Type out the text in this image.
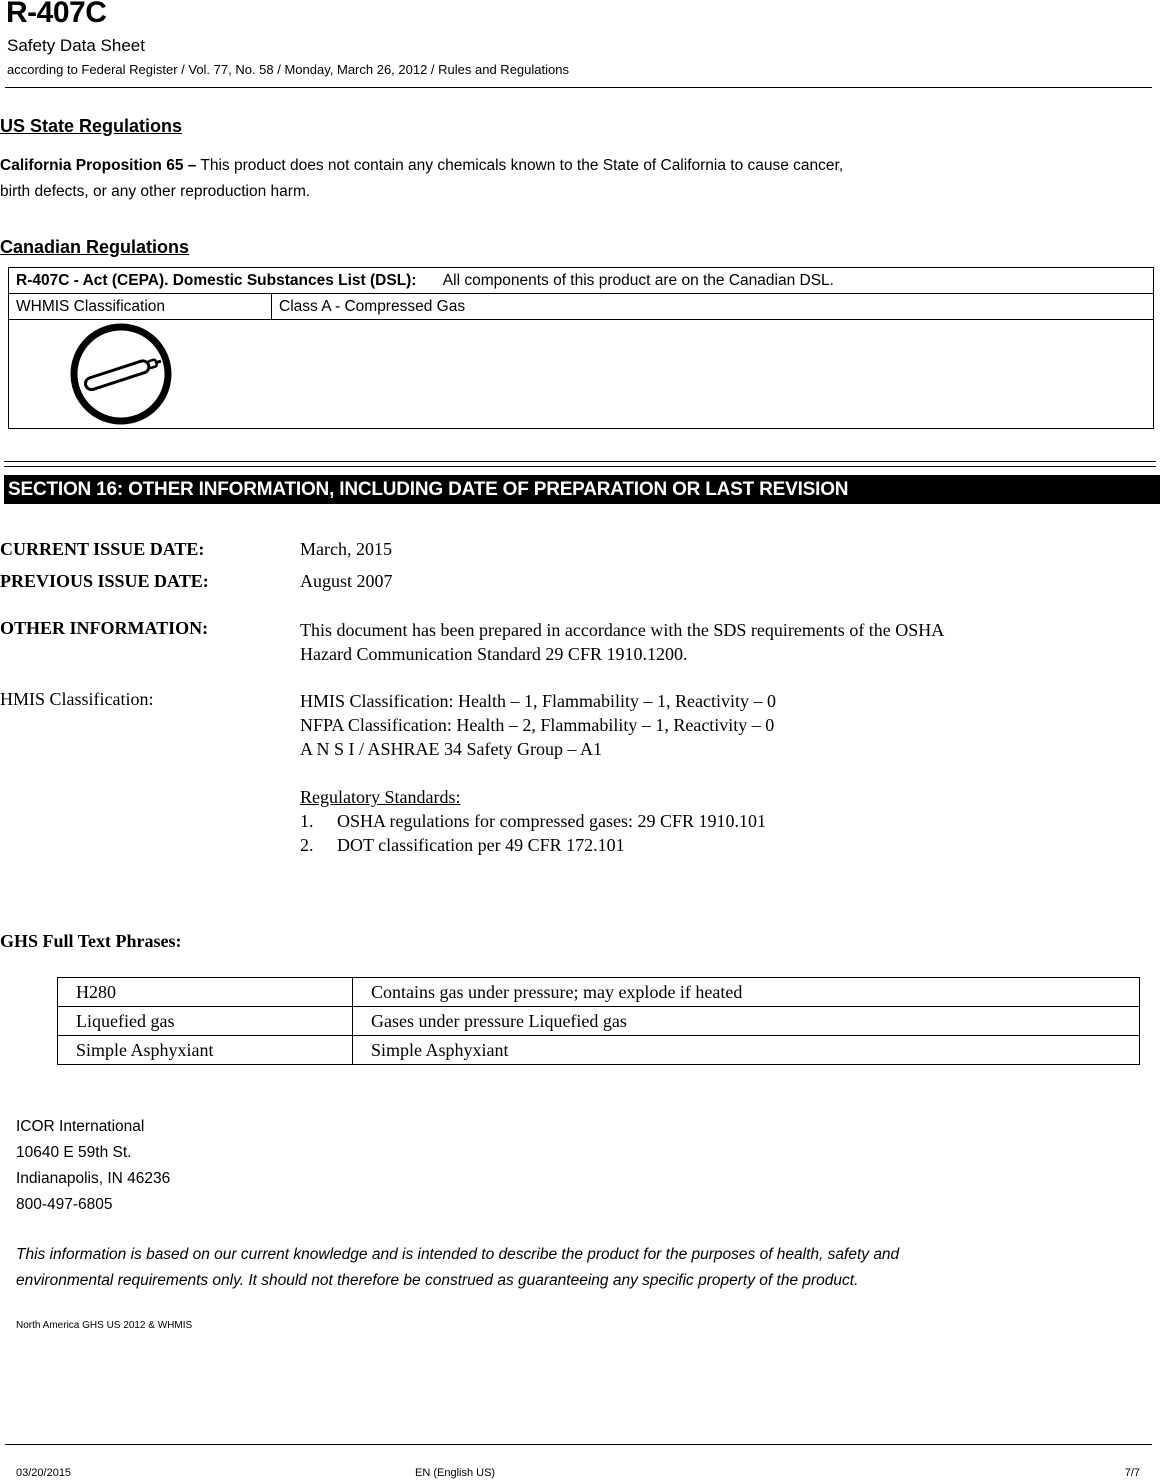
R-407C
Safety Data Sheet
according to Federal Register / Vol. 77, No. 58 / Monday, March 26, 2012 / Rules and Regulations
US State Regulations
California Proposition 65 – This product does not contain any chemicals known to the State of California to cause cancer,
birth defects, or any other reproduction harm.
Canadian Regulations
R-407C - Act (CEPA). Domestic Substances List (DSL): All components of this product are on the Canadian DSL.
WHMIS Classification	Class A - Compressed Gas

SECTION 16: OTHER INFORMATION, INCLUDING DATE OF PREPARATION OR LAST REVISION
CURRENT ISSUE DATE:	March, 2015
PREVIOUS ISSUE DATE:	August 2007
OTHER INFORMATION:	This document has been prepared in accordance with the SDS requirements of the OSHA
Hazard Communication Standard 29 CFR 1910.1200.
HMIS Classification:	HMIS Classification: Health – 1, Flammability – 1, Reactivity – 0
NFPA Classification: Health – 2, Flammability – 1, Reactivity – 0
A N S I / ASHRAE 34 Safety Group – A1
Regulatory Standards:
1. OSHA regulations for compressed gases: 29 CFR 1910.101
2. DOT classification per 49 CFR 172.101
GHS Full Text Phrases:
H280	Contains gas under pressure; may explode if heated
Liquefied gas	Gases under pressure Liquefied gas
Simple Asphyxiant	Simple Asphyxiant
ICOR International
10640 E 59th St.
Indianapolis, IN 46236
800-497-6805
This information is based on our current knowledge and is intended to describe the product for the purposes of health, safety and
environmental requirements only. It should not therefore be construed as guaranteeing any specific property of the product.
North America GHS US 2012 & WHMIS
03/20/2015	EN (English US)	7/7
